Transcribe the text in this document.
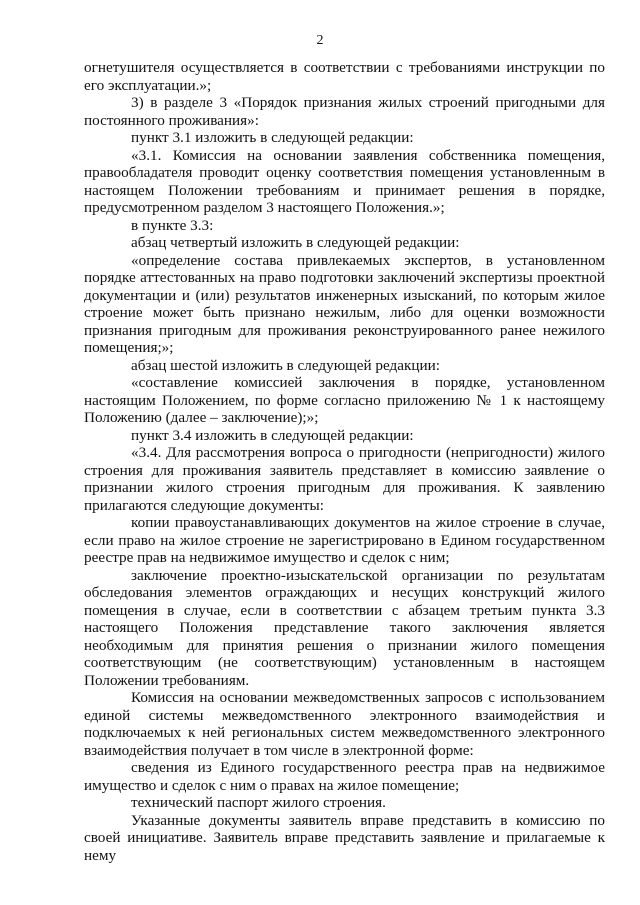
2

огнетушителя осуществляется в соответствии с требованиями инструкции по его эксплуатации.»;

3) в разделе 3 «Порядок признания жилых строений пригодными для постоянного проживания»:

пункт 3.1 изложить в следующей редакции:

«3.1. Комиссия на основании заявления собственника помещения, правообладателя проводит оценку соответствия помещения установленным в настоящем Положении требованиям и принимает решения в порядке, предусмотренном разделом 3 настоящего Положения.»;

в пункте 3.3:

абзац четвертый изложить в следующей редакции:

«определение состава привлекаемых экспертов, в установленном порядке аттестованных на право подготовки заключений экспертизы проектной документации и (или) результатов инженерных изысканий, по которым жилое строение может быть признано нежилым, либо для оценки возможности признания пригодным для проживания реконструированного ранее нежилого помещения;»;

абзац шестой изложить в следующей редакции:

«составление комиссией заключения в порядке, установленном настоящим Положением, по форме согласно приложению № 1 к настоящему Положению (далее – заключение);»;

пункт 3.4 изложить в следующей редакции:

«3.4. Для рассмотрения вопроса о пригодности (непригодности) жилого строения для проживания заявитель представляет в комиссию заявление о признании жилого строения пригодным для проживания. К заявлению прилагаются следующие документы:

копии правоустанавливающих документов на жилое строение в случае, если право на жилое строение не зарегистрировано в Едином государственном реестре прав на недвижимое имущество и сделок с ним;

заключение проектно-изыскательской организации по результатам обследования элементов ограждающих и несущих конструкций жилого помещения в случае, если в соответствии с абзацем третьим пункта 3.3 настоящего Положения представление такого заключения является необходимым для принятия решения о признании жилого помещения соответствующим (не соответствующим) установленным в настоящем Положении требованиям.

Комиссия на основании межведомственных запросов с использованием единой системы межведомственного электронного взаимодействия и подключаемых к ней региональных систем межведомственного электронного взаимодействия получает в том числе в электронной форме:

сведения из Единого государственного реестра прав на недвижимое имущество и сделок с ним о правах на жилое помещение;

технический паспорт жилого строения.

Указанные документы заявитель вправе представить в комиссию по своей инициативе. Заявитель вправе представить заявление и прилагаемые к нему
